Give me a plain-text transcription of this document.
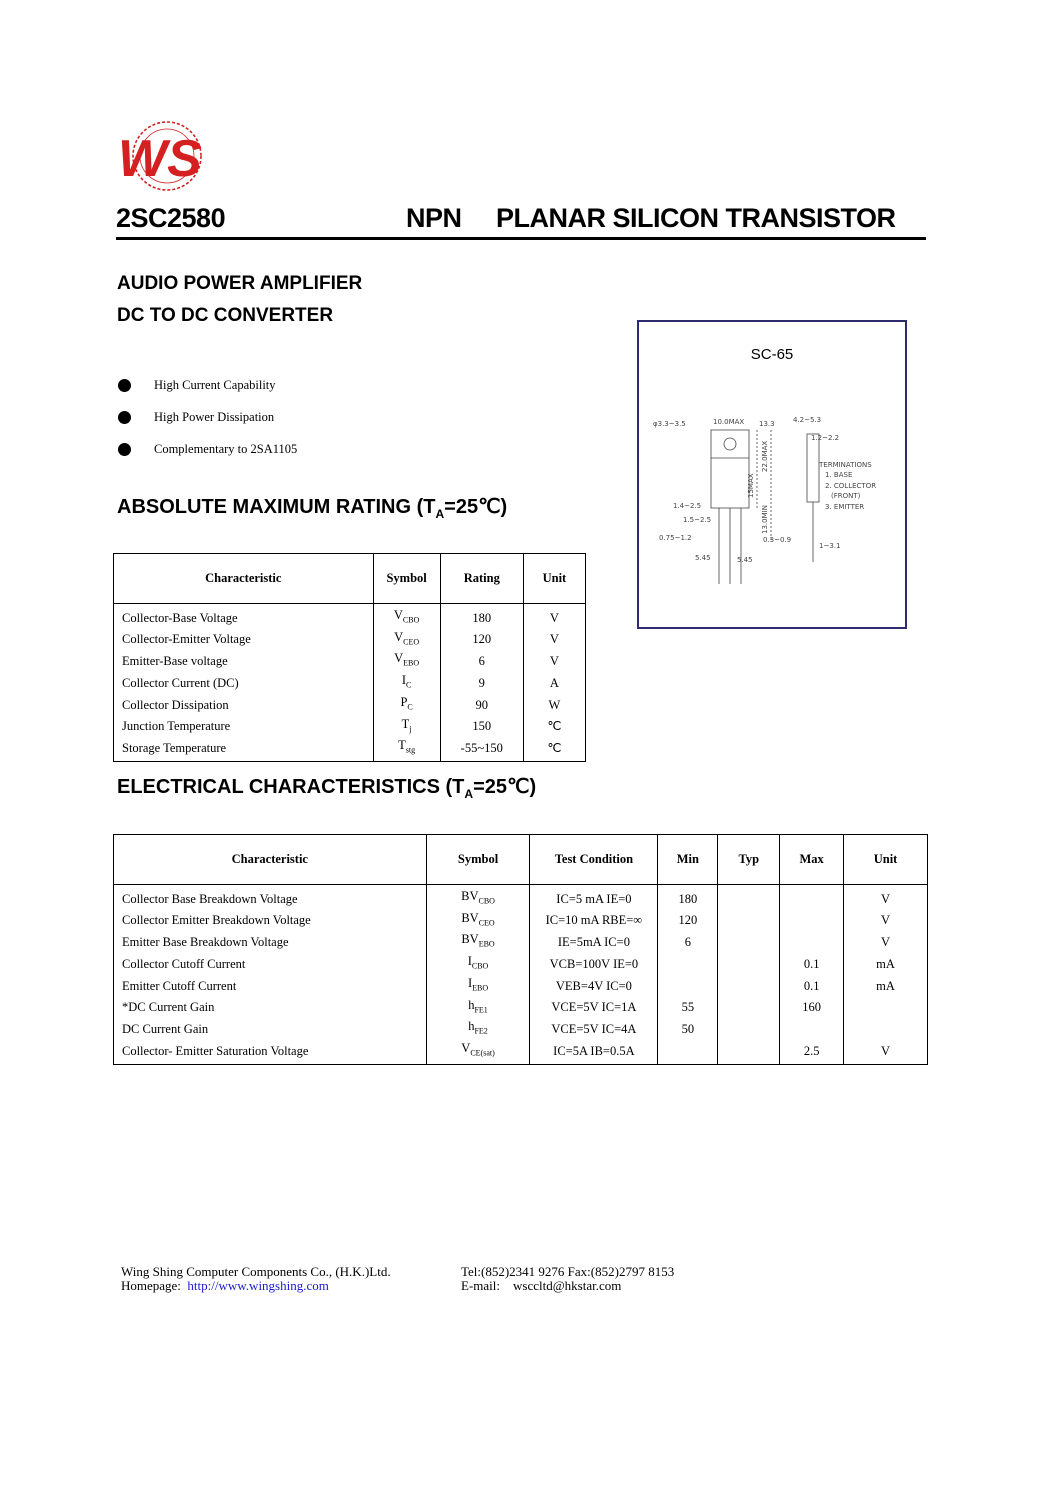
WS
2SC2580	NPN PLANAR SILICON TRANSISTOR
AUDIO POWER AMPLIFIER
DC TO DC CONVERTER
High Current Capability
High Power Dissipation
Complementary to 2SA1105
ABSOLUTE MAXIMUM RATING $(T_A=25℃)$
Characteristic	Symbol	Rating	Unit
Collector-Base Voltage	$V_{CBO}$	180	V
Collector-Emitter Voltage	$V_{CEO}$	120	V
Emitter-Base voltage	$V_{EBO}$	6	V
Collector Current (DC)	$I_C$	9	A
Collector Dissipation	$P_C$	90	W
Junction Temperature	$T_j$	150	℃
Storage Temperature	$T_{stg}$	-55~150	℃
ELECTRICAL CHARACTERISTICS $(T_A=25℃)$
Characteristic	Symbol	Test Condition	Min	Typ	Max	Unit
Collector Base Breakdown Voltage	$BV_{CBO}$	IC=5 mA IE=0	180			V
Collector Emitter Breakdown Voltage	$BV_{CEO}$	IC=10 mA RBE=∞	120			V
Emitter Base Breakdown Voltage	$BV_{EBO}$	IE=5mA IC=0	6			V
Collector Cutoff Current	$I_{CBO}$	VCB=100V IE=0			0.1	mA
Emitter Cutoff Current	$I_{EBO}$	VEB=4V IC=0			0.1	mA
*DC Current Gain	$h_{FE1}$	VCE=5V IC=1A	55		160	
DC Current Gain	$h_{FE2}$	VCE=5V IC=4A	50			
Collector- Emitter Saturation Voltage	$V_{CE(sat)}$	IC=5A IB=0.5A			2.5	V
SC-65
φ3.3~3.5	10.0MAX	4.2~5.3
1.2~2.2
13.3
1.4~2.5
1.5~2.5
0.75~1.2	0.3~0.9
1~3.1
5.45	5.45
22.0MAX
15MAX
13.0MIN
TERMINATIONS
1. BASE
2. COLLECTOR
(FRONT)
3. EMITTER
Wing Shing Computer Components Co., (H.K.)Ltd.
Homepage: http://www.wingshing.com
Tel:(852)2341 9276 Fax:(852)2797 8153
E-mail: wsccltd@hkstar.com
